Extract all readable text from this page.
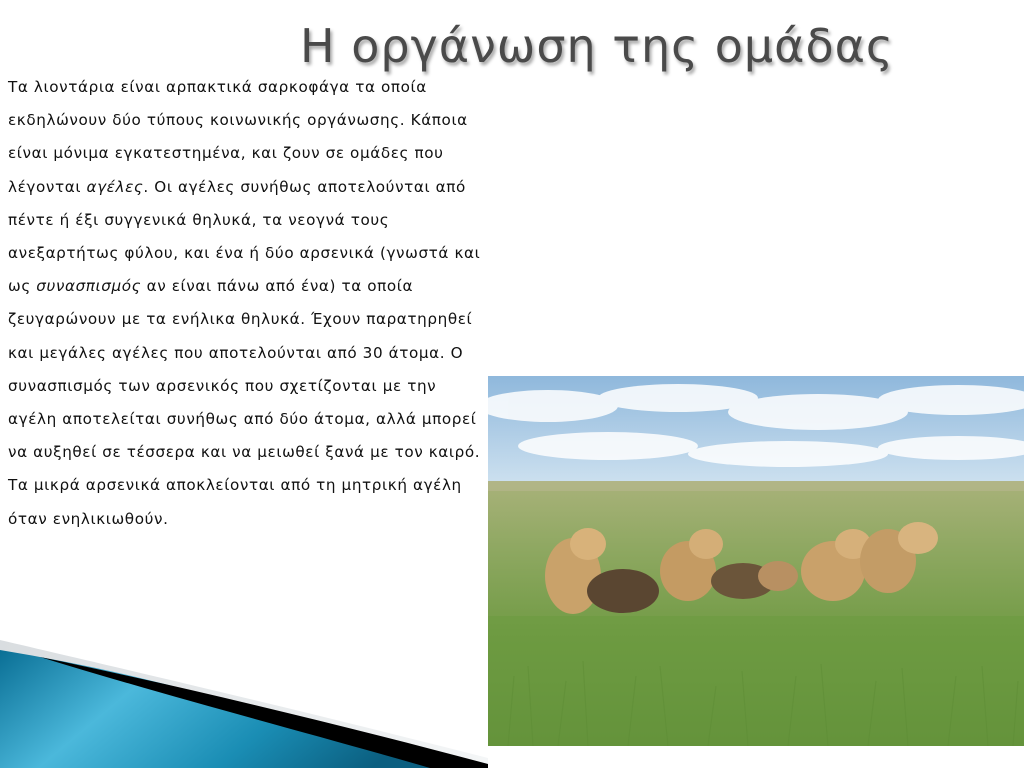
Η οργάνωση της ομάδας

Τα λιοντάρια είναι αρπακτικά σαρκοφάγα τα οποία εκδηλώνουν δύο τύπους κοινωνικής οργάνωσης. Κάποια είναι μόνιμα εγκατεστημένα, και ζουν σε ομάδες που λέγονται αγέλες. Οι αγέλες συνήθως αποτελούνται από πέντε ή έξι συγγενικά θηλυκά, τα νεογνά τους ανεξαρτήτως φύλου, και ένα ή δύο αρσενικά (γνωστά και ως συνασπισμός αν είναι πάνω από ένα) τα οποία ζευγαρώνουν με τα ενήλικα θηλυκά. Έχουν παρατηρηθεί και μεγάλες αγέλες που αποτελούνται από 30 άτομα. Ο συνασπισμός των αρσενικός που σχετίζονται με την αγέλη αποτελείται συνήθως από δύο άτομα, αλλά μπορεί να αυξηθεί σε τέσσερα και να μειωθεί ξανά με τον καιρό. Τα μικρά αρσενικά αποκλείονται από τη μητρική αγέλη όταν ενηλικιωθούν.
